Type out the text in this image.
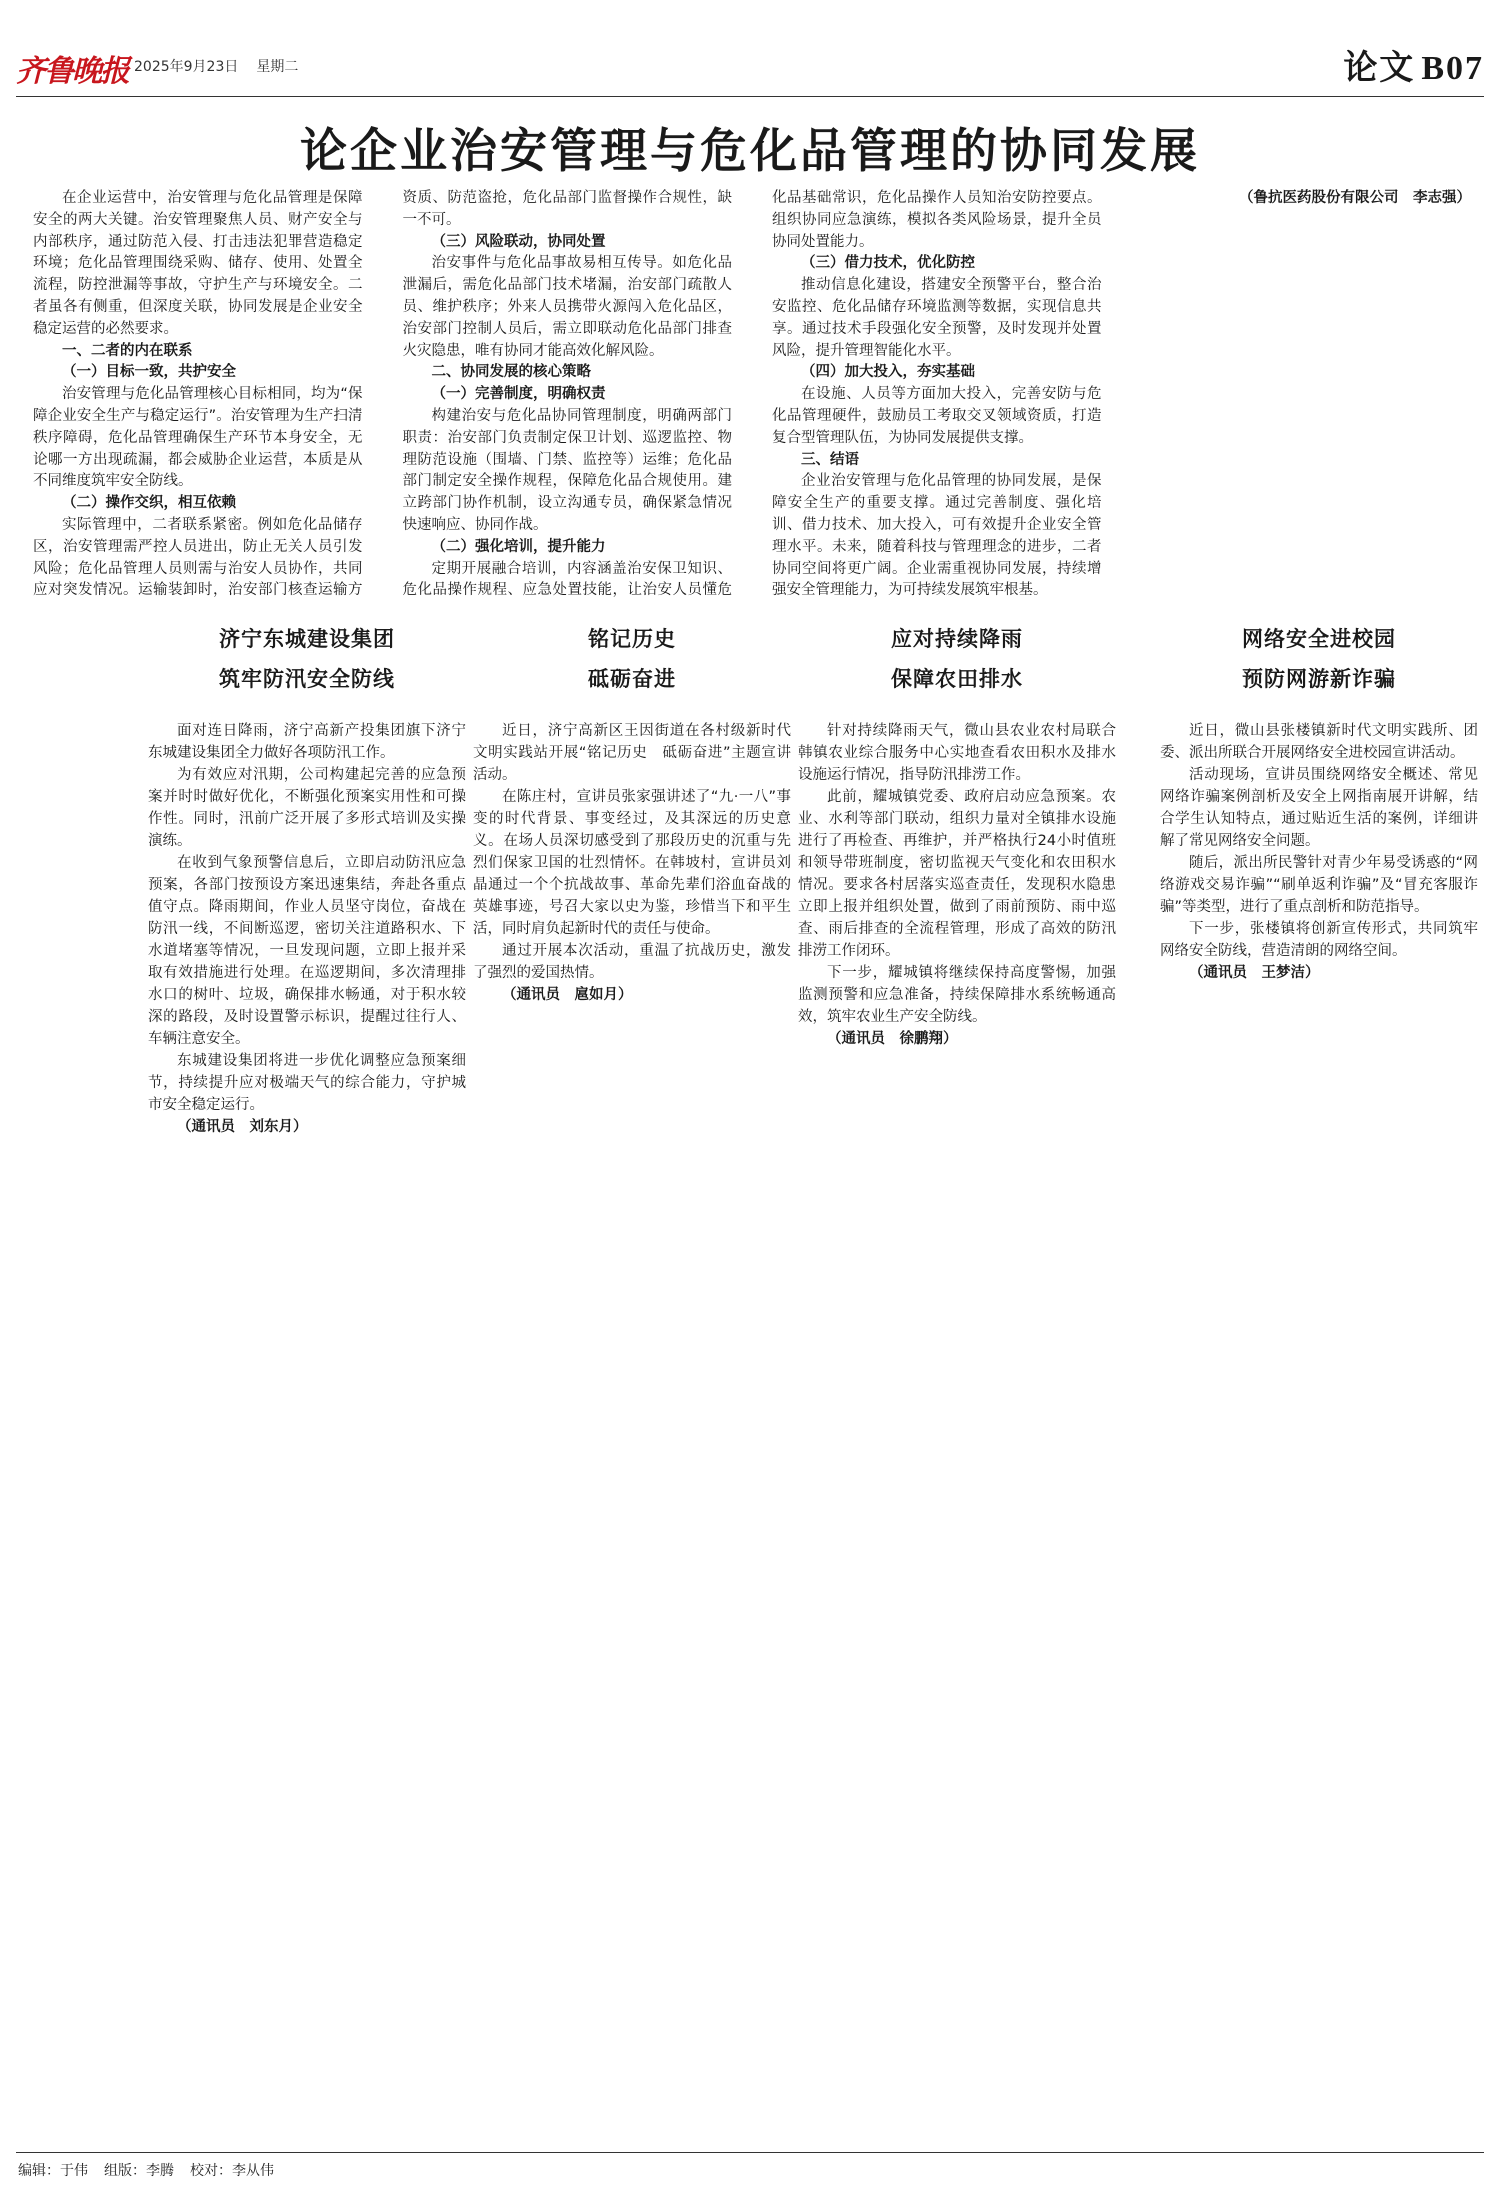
齐鲁晚报 2025年9月23日 星期二	论文 B07
论企业治安管理与危化品管理的协同发展

在企业运营中，治安管理与危化品管理是保障安全的两大关键。治安管理聚焦人员、财产安全与内部秩序，通过防范入侵、打击违法犯罪营造稳定环境；危化品管理围绕采购、储存、使用、处置全流程，防控泄漏等事故，守护生产与环境安全。二者虽各有侧重，但深度关联，协同发展是企业安全稳定运营的必然要求。

一、二者的内在联系

（一）目标一致，共护安全

治安管理与危化品管理核心目标相同，均为“保障企业安全生产与稳定运行”。治安管理为生产扫清秩序障碍，危化品管理确保生产环节本身安全，无论哪一方出现疏漏，都会威胁企业运营，本质是从不同维度筑牢安全防线。

（二）操作交织，相互依赖

实际管理中，二者联系紧密。例如危化品储存区，治安管理需严控人员进出，防止无关人员引发风险；危化品管理人员则需与治安人员协作，共同应对突发情况。运输装卸时，治安部门核查运输方资质、防范盗抢，危化品部门监督操作合规性，缺一不可。

（三）风险联动，协同处置

治安事件与危化品事故易相互传导。如危化品泄漏后，需危化品部门技术堵漏，治安部门疏散人员、维护秩序；外来人员携带火源闯入危化品区，治安部门控制人员后，需立即联动危化品部门排查火灾隐患，唯有协同才能高效化解风险。

二、协同发展的核心策略

（一）完善制度，明确权责

构建治安与危化品协同管理制度，明确两部门职责：治安部门负责制定保卫计划、巡逻监控、物理防范设施（围墙、门禁、监控等）运维；危化品部门制定安全操作规程，保障危化品合规使用。建立跨部门协作机制，设立沟通专员，确保紧急情况快速响应、协同作战。

（二）强化培训，提升能力

定期开展融合培训，内容涵盖治安保卫知识、危化品操作规程、应急处置技能，让治安人员懂危化品基础常识，危化品操作人员知治安防控要点。组织协同应急演练，模拟各类风险场景，提升全员协同处置能力。

（三）借力技术，优化防控

推动信息化建设，搭建安全预警平台，整合治安监控、危化品储存环境监测等数据，实现信息共享。通过技术手段强化安全预警，及时发现并处置风险，提升管理智能化水平。

（四）加大投入，夯实基础

在设施、人员等方面加大投入，完善安防与危化品管理硬件，鼓励员工考取交叉领域资质，打造复合型管理队伍，为协同发展提供支撑。

三、结语

企业治安管理与危化品管理的协同发展，是保障安全生产的重要支撑。通过完善制度、强化培训、借力技术、加大投入，可有效提升企业安全管理水平。未来，随着科技与管理理念的进步，二者协同空间将更广阔。企业需重视协同发展，持续增强安全管理能力，为可持续发展筑牢根基。

（鲁抗医药股份有限公司　李志强）

济宁东城建设集团
筑牢防汛安全防线

面对连日降雨，济宁高新产投集团旗下济宁东城建设集团全力做好各项防汛工作。

为有效应对汛期，公司构建起完善的应急预案并时时做好优化，不断强化预案实用性和可操作性。同时，汛前广泛开展了多形式培训及实操演练。

在收到气象预警信息后，立即启动防汛应急预案，各部门按预设方案迅速集结，奔赴各重点值守点。降雨期间，作业人员坚守岗位，奋战在防汛一线，不间断巡逻，密切关注道路积水、下水道堵塞等情况，一旦发现问题，立即上报并采取有效措施进行处理。在巡逻期间，多次清理排水口的树叶、垃圾，确保排水畅通，对于积水较深的路段，及时设置警示标识，提醒过往行人、车辆注意安全。

东城建设集团将进一步优化调整应急预案细节，持续提升应对极端天气的综合能力，守护城市安全稳定运行。

（通讯员　刘东月）

铭记历史
砥砺奋进

近日，济宁高新区王因街道在各村级新时代文明实践站开展“铭记历史　砥砺奋进”主题宣讲活动。

在陈庄村，宣讲员张家强讲述了“九·一八”事变的时代背景、事变经过，及其深远的历史意义。在场人员深切感受到了那段历史的沉重与先烈们保家卫国的壮烈情怀。在韩坡村，宣讲员刘晶通过一个个抗战故事、革命先辈们浴血奋战的英雄事迹，号召大家以史为鉴，珍惜当下和平生活，同时肩负起新时代的责任与使命。

通过开展本次活动，重温了抗战历史，激发了强烈的爱国热情。

（通讯员　扈如月）

应对持续降雨
保障农田排水

针对持续降雨天气，微山县农业农村局联合韩镇农业综合服务中心实地查看农田积水及排水设施运行情况，指导防汛排涝工作。

此前，耀城镇党委、政府启动应急预案。农业、水利等部门联动，组织力量对全镇排水设施进行了再检查、再维护，并严格执行24小时值班和领导带班制度，密切监视天气变化和农田积水情况。要求各村居落实巡查责任，发现积水隐患立即上报并组织处置，做到了雨前预防、雨中巡查、雨后排查的全流程管理，形成了高效的防汛排涝工作闭环。

下一步，耀城镇将继续保持高度警惕，加强监测预警和应急准备，持续保障排水系统畅通高效，筑牢农业生产安全防线。

（通讯员　徐鹏翔）

网络安全进校园
预防网游新诈骗

近日，微山县张楼镇新时代文明实践所、团委、派出所联合开展网络安全进校园宣讲活动。

活动现场，宣讲员围绕网络安全概述、常见网络诈骗案例剖析及安全上网指南展开讲解，结合学生认知特点，通过贴近生活的案例，详细讲解了常见网络安全问题。

随后，派出所民警针对青少年易受诱惑的“网络游戏交易诈骗”“刷单返利诈骗”及“冒充客服诈骗”等类型，进行了重点剖析和防范指导。

下一步，张楼镇将创新宣传形式，共同筑牢网络安全防线，营造清朗的网络空间。

（通讯员　王梦洁）

编辑：于伟 组版：李腾 校对：李从伟
